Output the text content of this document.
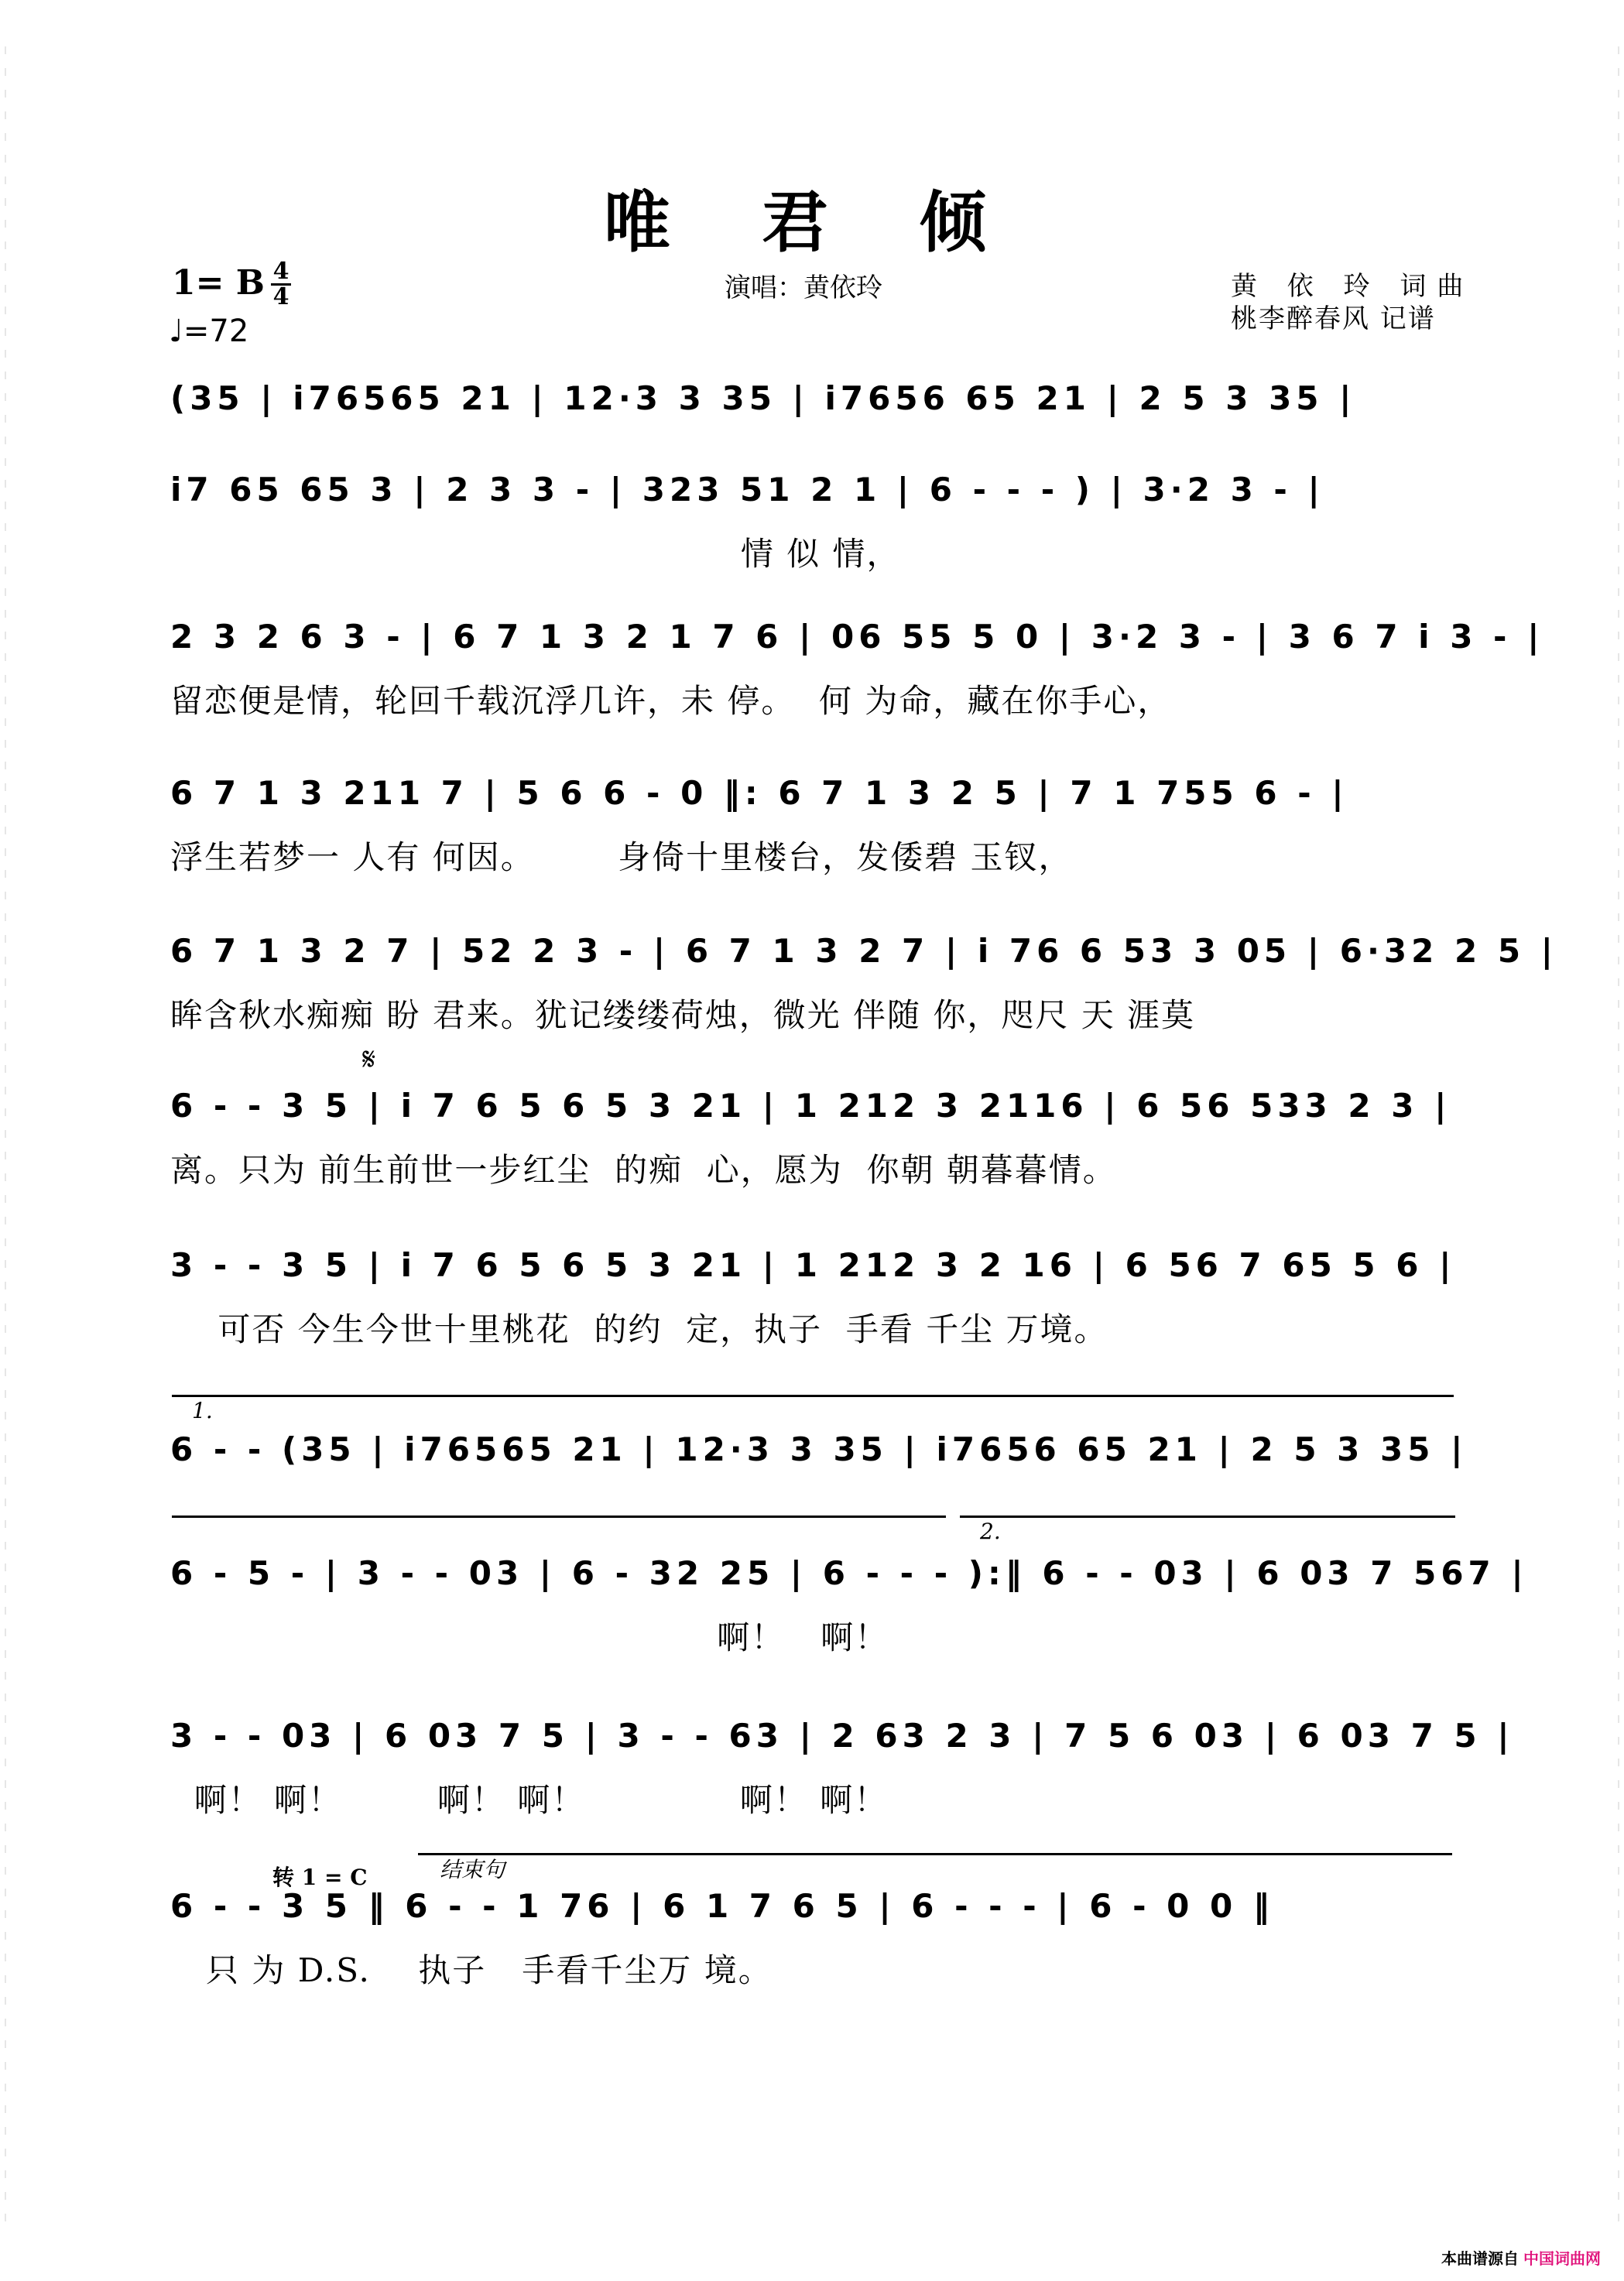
唯 君 倾
1= B 4
4
♩=72
演唱：黄依玲	黄 依 玲 词曲
桃李醉春风 记谱
(35 | i76565 21 | 12·3 3 35 | i7656 65 21 | 2 5 3 35 |
i7 65 65 3 | 2 3 3 - | 323 51 2 1 | 6 - - - ) | 3·2 3 - |
情 似 情，
2 3 2 6 3 - | 6 7 1 3 2 1 7 6 | 06 55 5 0 | 3·2 3 - | 3 6 7 i 3 - |
留恋便是情，轮回千载沉浮几许，未 停。  何 为命，藏在你手心，
6 7 1 3 211 7 | 5 6 6 - 0 ‖: 6 7 1 3 2 5 | 7 1 755 6 - |
浮生若梦一 人有 何因。       身倚十里楼台，发倭碧 玉钗，
6 7 1 3 2 7 | 52 2 3 - | 6 7 1 3 2 7 | i 76 6 53 3 05 | 6·32 2 5 |
眸含秋水痴痴 盼 君来。犹记缕缕荷烛，微光 伴随 你，咫尺 天 涯莫
6 - - 3 5 | i 7 6 5 6 5 3 21 | 1 212 3 2116 | 6 56 533 2 3 |
离。只为 前生前世一步红尘  的痴  心，愿为  你朝 朝暮暮情。
3 - - 3 5 | i 7 6 5 6 5 3 21 | 1 212 3 2 16 | 6 56 7 65 5 6 |
可否 今生今世十里桃花  的约  定，执子  手看 千尘 万境。
6 - - (35 | i76565 21 | 12·3 3 35 | i7656 65 21 | 2 5 3 35 |
6 - 5 - | 3 - - 03 | 6 - 32 25 | 6 - - - ):‖ 6 - - 03 | 6 03 7 567 |
啊！   啊！
3 - - 03 | 6 03 7 5 | 3 - - 63 | 2 63 2 3 | 7 5 6 03 | 6 03 7 5 |
啊！ 啊！        啊！ 啊！             啊！ 啊！
6 - - 3 5 ‖ 6 - - 1 76 | 6 1 7 6 5 | 6 - - - | 6 - 0 0 ‖
只 为 D.S.    执子   手看千尘万 境。
1.
2.
转 1 = C	结束句
𝄋
本曲谱源自 中国词曲网
